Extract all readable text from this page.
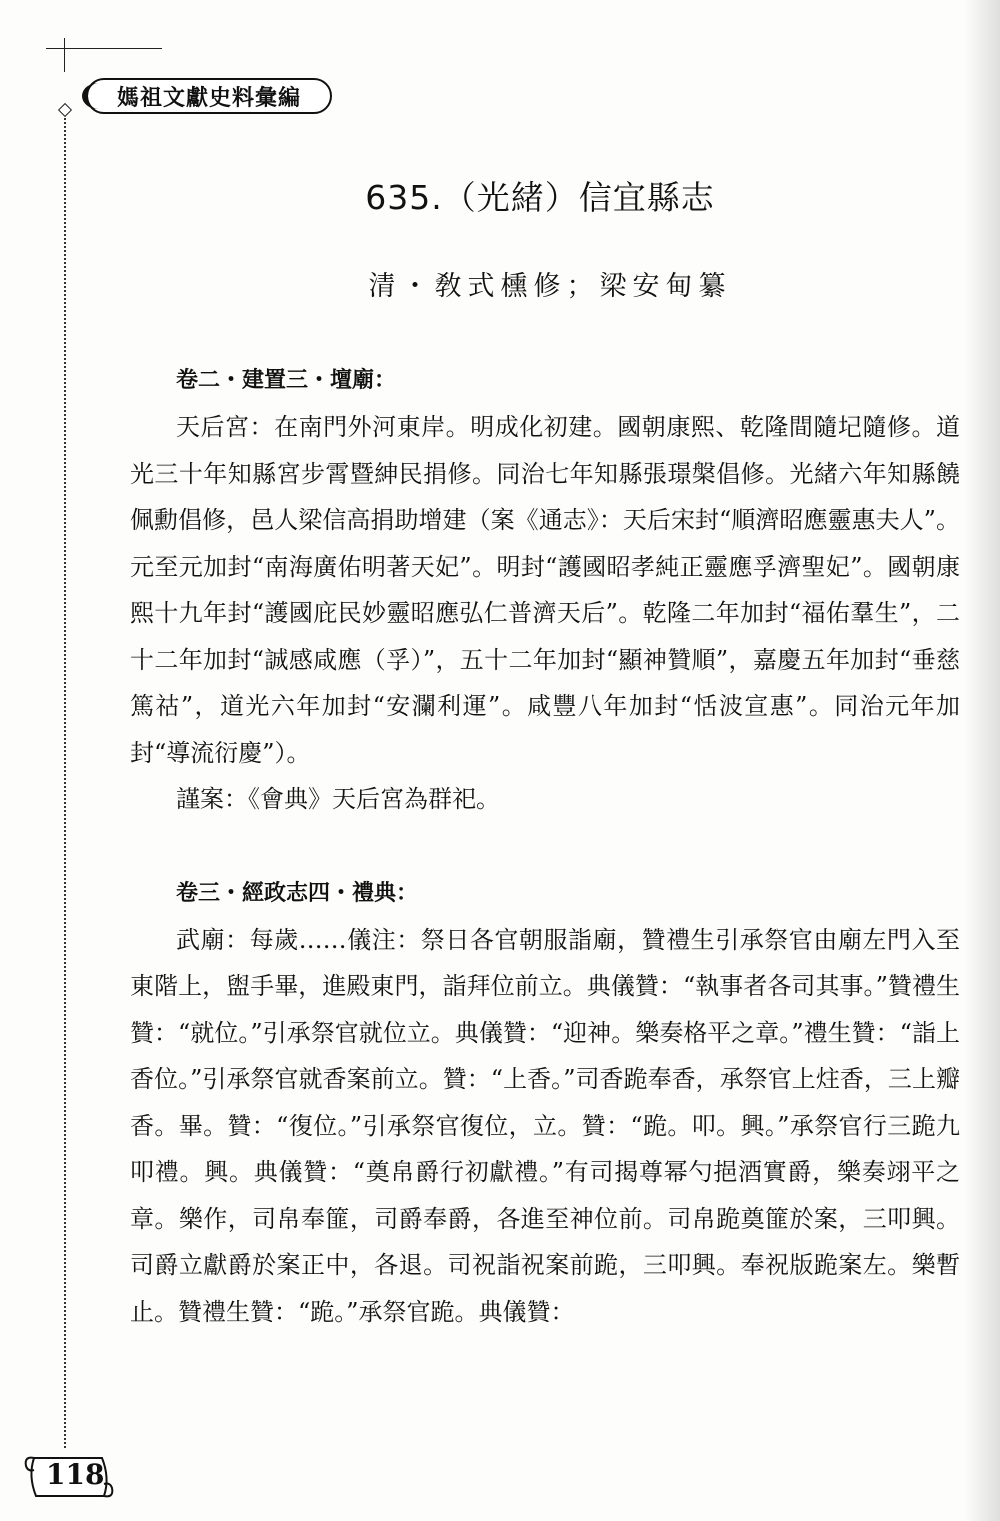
媽祖文獻史料彙編
635.（光緒）信宜縣志
清・敎式櫄修；梁安甸纂

卷二・建置三・壇廟：

天后宮：在南門外河東岸。明成化初建。國朝康熙、乾隆間隨圮隨修。道光三十年知縣宮步霄暨紳民捐修。同治七年知縣張璟槃倡修。光緒六年知縣饒佩勳倡修，邑人梁信高捐助增建（案《通志》：天后宋封“順濟昭應靈惠夫人”。元至元加封“南海廣佑明著天妃”。明封“護國昭孝純正靈應孚濟聖妃”。國朝康熙十九年封“護國庇民妙靈昭應弘仁普濟天后”。乾隆二年加封“福佑羣生”，二十二年加封“誠感咸應（孚）”，五十二年加封“顯神贊順”，嘉慶五年加封“垂慈篤祜”，道光六年加封“安瀾利運”。咸豐八年加封“恬波宣惠”。同治元年加封“導流衍慶”）。

謹案：《會典》天后宮為群祀。

卷三・經政志四・禮典：

武廟：每歲……儀注：祭日各官朝服詣廟，贊禮生引承祭官由廟左門入至東階上，盥手畢，進殿東門，詣拜位前立。典儀贊：“執事者各司其事。”贊禮生贊：“就位。”引承祭官就位立。典儀贊：“迎神。樂奏格平之章。”禮生贊：“詣上香位。”引承祭官就香案前立。贊：“上香。”司香跪奉香，承祭官上炷香，三上瓣香。畢。贊：“復位。”引承祭官復位，立。贊：“跪。叩。興。”承祭官行三跪九叩禮。興。典儀贊：“奠帛爵行初獻禮。”有司揭尊幂勺挹酒實爵，樂奏翊平之章。樂作，司帛奉篚，司爵奉爵，各進至神位前。司帛跪奠篚於案，三叩興。司爵立獻爵於案正中，各退。司祝詣祝案前跪，三叩興。奉祝版跪案左。樂暫止。贊禮生贊：“跪。”承祭官跪。典儀贊：

118
